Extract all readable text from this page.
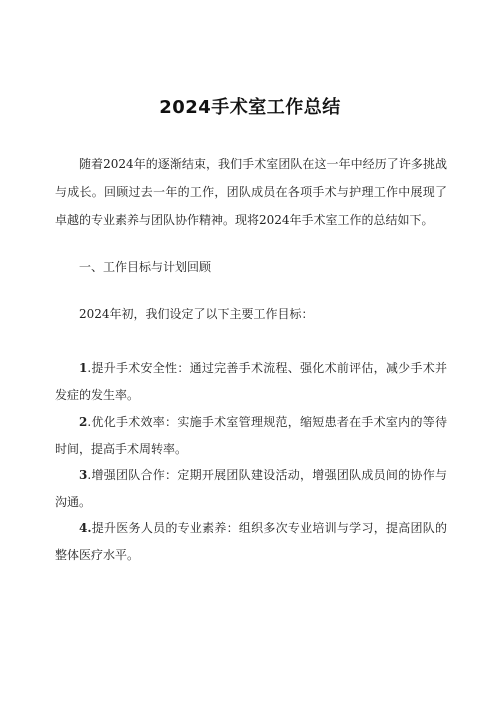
2024手术室工作总结
随着2024年的逐渐结束，我们手术室团队在这一年中经历了许多挑战与成长。回顾过去一年的工作，团队成员在各项手术与护理工作中展现了卓越的专业素养与团队协作精神。现将2024年手术室工作的总结如下。
一、工作目标与计划回顾
2024年初，我们设定了以下主要工作目标：
1.提升手术安全性：通过完善手术流程、强化术前评估，减少手术并发症的发生率。
2.优化手术效率：实施手术室管理规范，缩短患者在手术室内的等待时间，提高手术周转率。
3.增强团队合作：定期开展团队建设活动，增强团队成员间的协作与沟通。
4.提升医务人员的专业素养：组织多次专业培训与学习，提高团队的整体医疗水平。
